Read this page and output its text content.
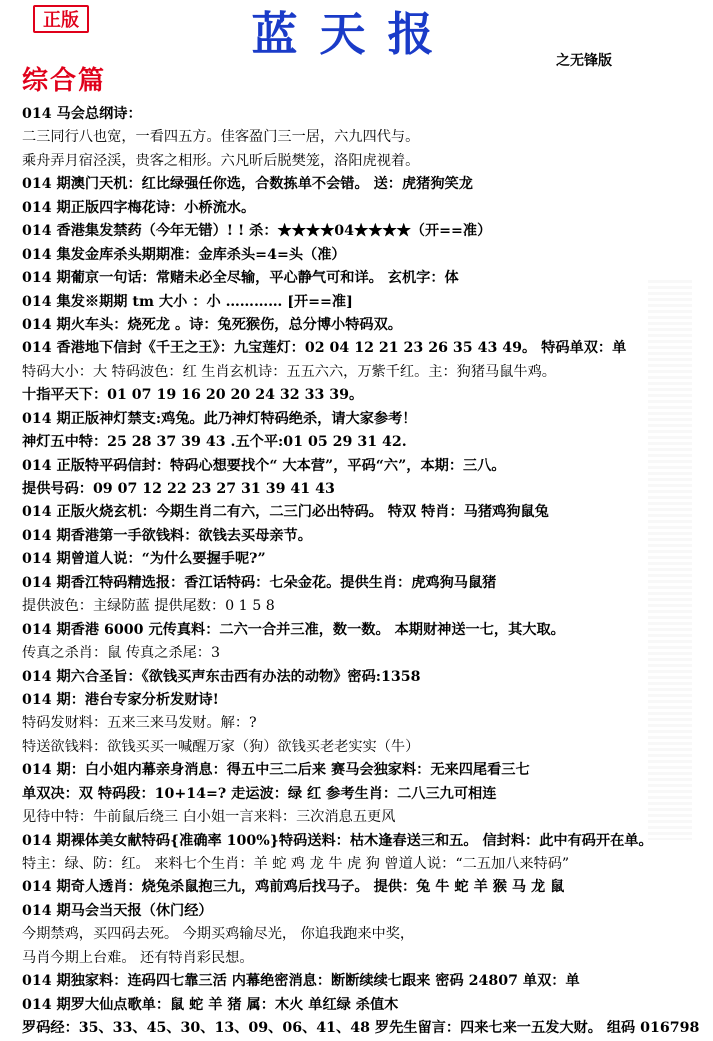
正版	蓝天报	之无锋版
综合篇
014 马会总纲诗：
二三同行八也宽，一看四五方。佳客盈门三一居，六九四代与。
乘舟弄月宿泾渓，贵客之相形。六凡昕后脱樊笼，洛阳虎视着。
014 期澳门天机：红比绿强任你选，合数拣单不会错。 送：虎猪狗笑龙
014 期正版四字梅花诗：小桥流水。
014 香港集发禁药（今年无错）! ! 杀：★★★★04★★★★（开==准）
014 集发金库杀头期期准：金库杀头=4=头（准）
014 期葡京一句话：常赌未必全尽输，平心静气可和详。 玄机字：体
014 集发※期期 tm 大小 ：小 ………… [开==准]
014 期火车头：烧死龙 。诗：兔死猴伤，总分博小特码双。
014 香港地下信封《千王之王》：九宝莲灯：02 04 12 21 23 26 35 43 49。 特码单双：单
特码大小：大 特码波色：红 生肖玄机诗：五五六六，万紫千红。主：狗猪马鼠牛鸡。
十指平天下：01 07 19 16 20 20 24 32 33 39。
014 期正版神灯禁支:鸡兔。此乃神灯特码绝杀，请大家参考！
神灯五中特：25 28 37 39 43 .五个平:01 05 29 31 42.
014 正版特平码信封：特码心想要找个“ 大本营”，平码“六”，本期：三八。
提供号码：09 07 12 22 23 27 31 39 41 43
014 正版火烧玄机：今期生肖二有六，二三门必出特码。 特双 特肖：马猪鸡狗鼠兔
014 期香港第一手欲钱料：欲钱去买母亲节。
014 期曾道人说：“为什么要握手呢?”
014 期香江特码精选报：香江话特码：七朵金花。提供生肖：虎鸡狗马鼠猪
提供波色：主绿防蓝 提供尾数：0 1 5 8
014 期香港 6000 元传真料：二六一合并三准，数一数。 本期财神送一七，其大取。
传真之杀肖：鼠 传真之杀尾：3
014 期六合圣旨：《欲钱买声东击西有办法的动物》密码:1358
014 期：港台专家分析发财诗!
特码发财料：五来三来马发财。解：?
特送欲钱料：欲钱买买一喊醒万家（狗）欲钱买老老实实（牛）
014 期：白小姐内幕亲身消息：得五中三二后来 赛马会独家料：无来四尾看三七
单双决：双 特码段：10+14=? 走运波：绿 红 参考生肖：二八三九可相连
见待中特：牛前鼠后绕三 白小姐一言来料：三次消息五更风
014 期裸体美女献特码{准确率 100%}特码送料：枯木逢春送三和五。 信封料：此中有码开在单。
特主：绿、防：红。 来料七个生肖：羊 蛇 鸡 龙 牛 虎 狗 曾道人说：“二五加八来特码”
014 期奇人透肖：烧兔杀鼠抱三九，鸡前鸡后找马子。 提供：兔 牛 蛇 羊 猴 马 龙 鼠
014 期马会当天报（休门经）
今期禁鸡，买四码去死。 今期买鸡输尽光， 你追我跑来中奖，
马肖今期上台难。 还有特肖彩民想。
014 期独家料：连码四七靠三活 内幕绝密消息：断断续续七跟来 密码 24807 单双：单
014 期罗大仙点歌单：鼠 蛇 羊 猪 属：木火 单红绿 杀值木
罗码经：35、33、45、30、13、09、06、41、48 罗先生留言：四来七来一五发大财。 组码 016798
